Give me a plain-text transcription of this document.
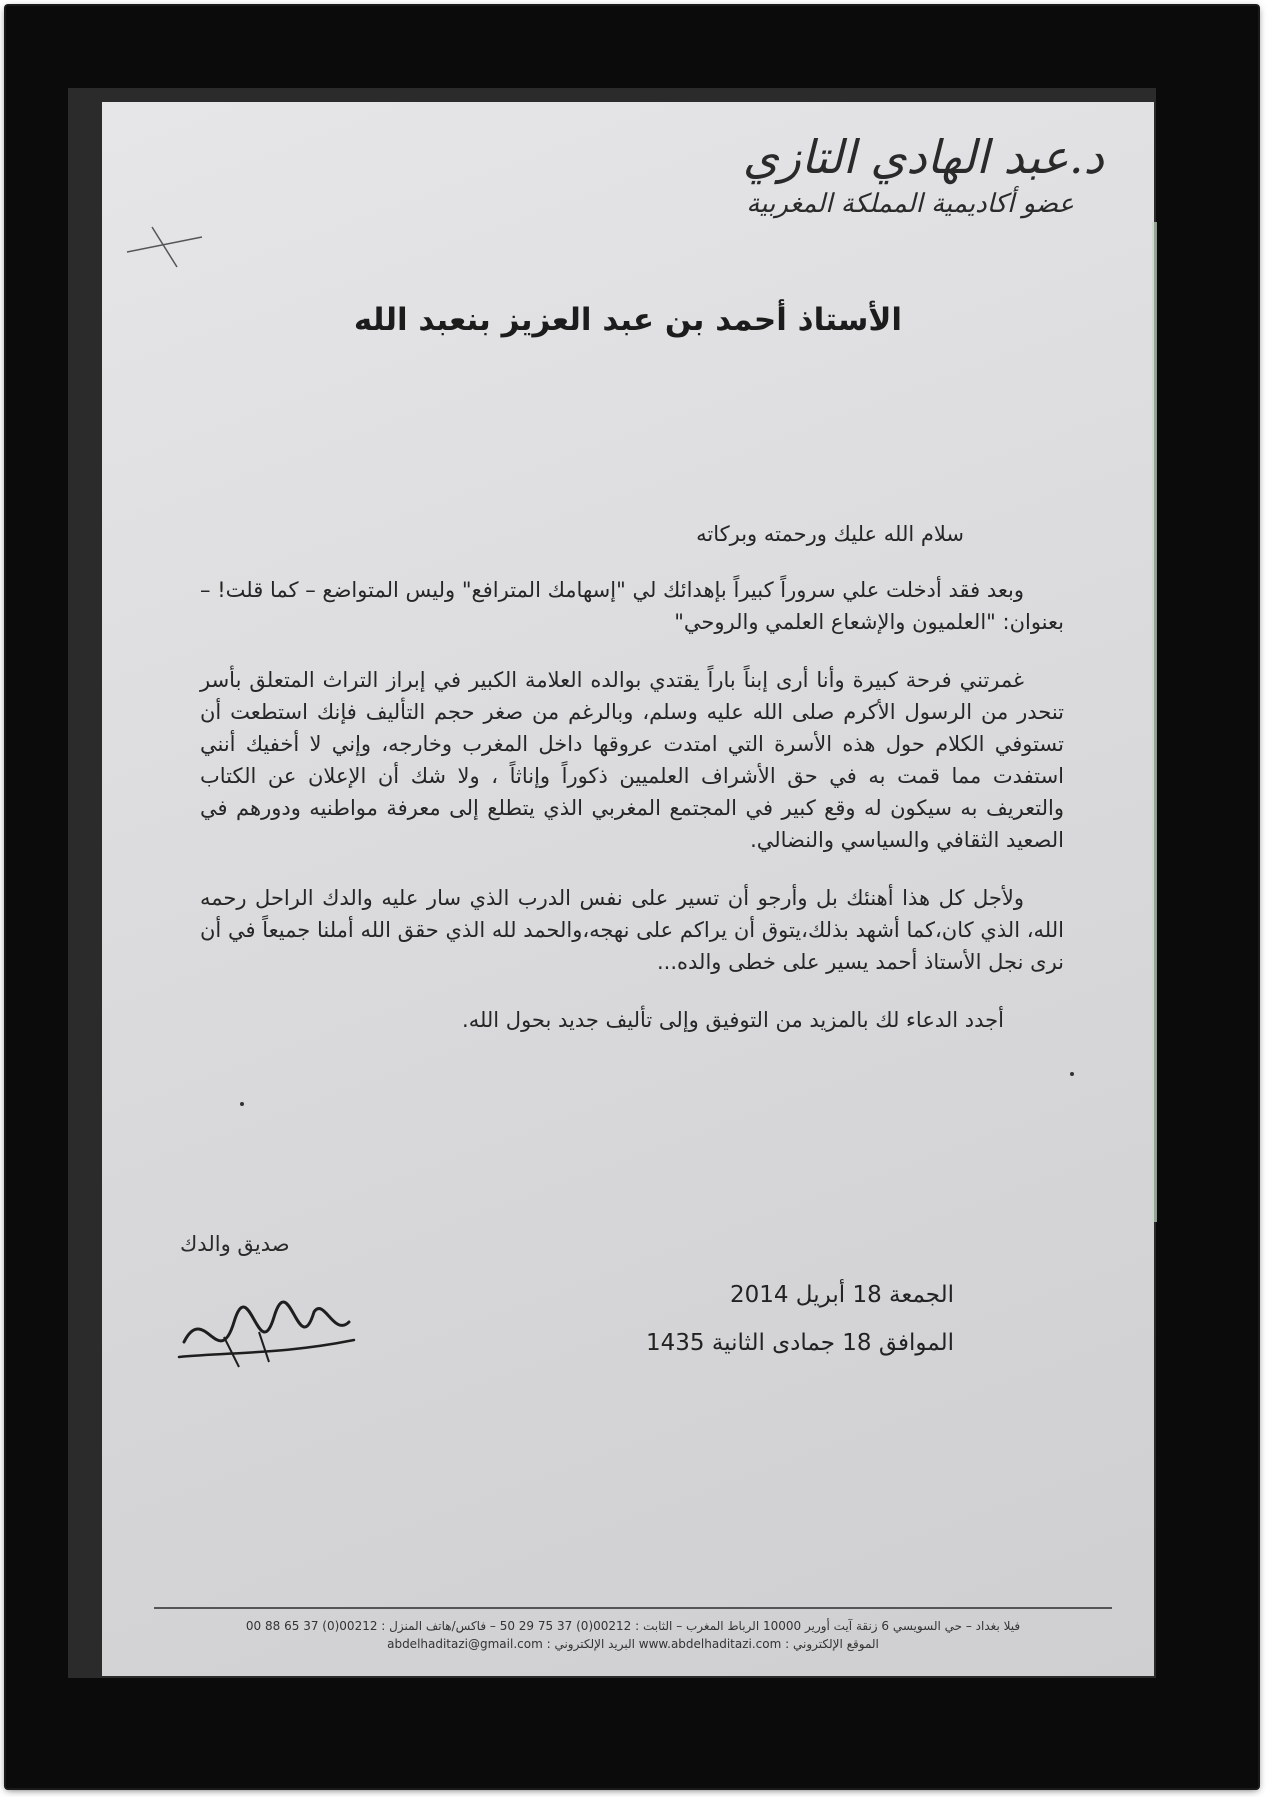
د.عبد الهادي التازي
عضو أكاديمية المملكة المغربية
الأستاذ أحمد بن عبد العزيز بنعبد الله

سلام الله عليك ورحمته وبركاته

وبعد فقد أدخلت علي سروراً كبيراً بإهدائك لي "إسهامك المترافع" وليس المتواضع – كما قلت! – بعنوان: "العلميون والإشعاع العلمي والروحي"

غمرتني فرحة كبيرة وأنا أرى إبناً باراً يقتدي بوالده العلامة الكبير في إبراز التراث المتعلق بأسر تنحدر من الرسول الأكرم صلى الله عليه وسلم، وبالرغم من صغر حجم التأليف فإنك استطعت أن تستوفي الكلام حول هذه الأسرة التي امتدت عروقها داخل المغرب وخارجه، وإني لا أخفيك أنني استفدت مما قمت به في حق الأشراف العلميين ذكوراً وإناثاً ، ولا شك أن الإعلان عن الكتاب والتعريف به سيكون له وقع كبير في المجتمع المغربي الذي يتطلع إلى معرفة مواطنيه ودورهم في الصعيد الثقافي والسياسي والنضالي.

ولأجل كل هذا أهنئك بل وأرجو أن تسير على نفس الدرب الذي سار عليه والدك الراحل رحمه الله، الذي كان،كما أشهد بذلك،يتوق أن يراكم على نهجه،والحمد لله الذي حقق الله أملنا جميعاً في أن نرى نجل الأستاذ أحمد يسير على خطى والده...

أجدد الدعاء لك بالمزيد من التوفيق وإلى تأليف جديد بحول الله.

صديق والدك
الجمعة 18 أبريل 2014
الموافق 18 جمادى الثانية 1435
فيلا بغداد – حي السويسي 6 زنقة آيت أورير 10000 الرباط المغرب – الثابت : 00212(0) 37 75 29 50 – فاكس/هاتف المنزل : 00212(0) 37 65 88 00
الموقع الإلكتروني : www.abdelhaditazi.com البريد الإلكتروني : abdelhaditazi@gmail.com
